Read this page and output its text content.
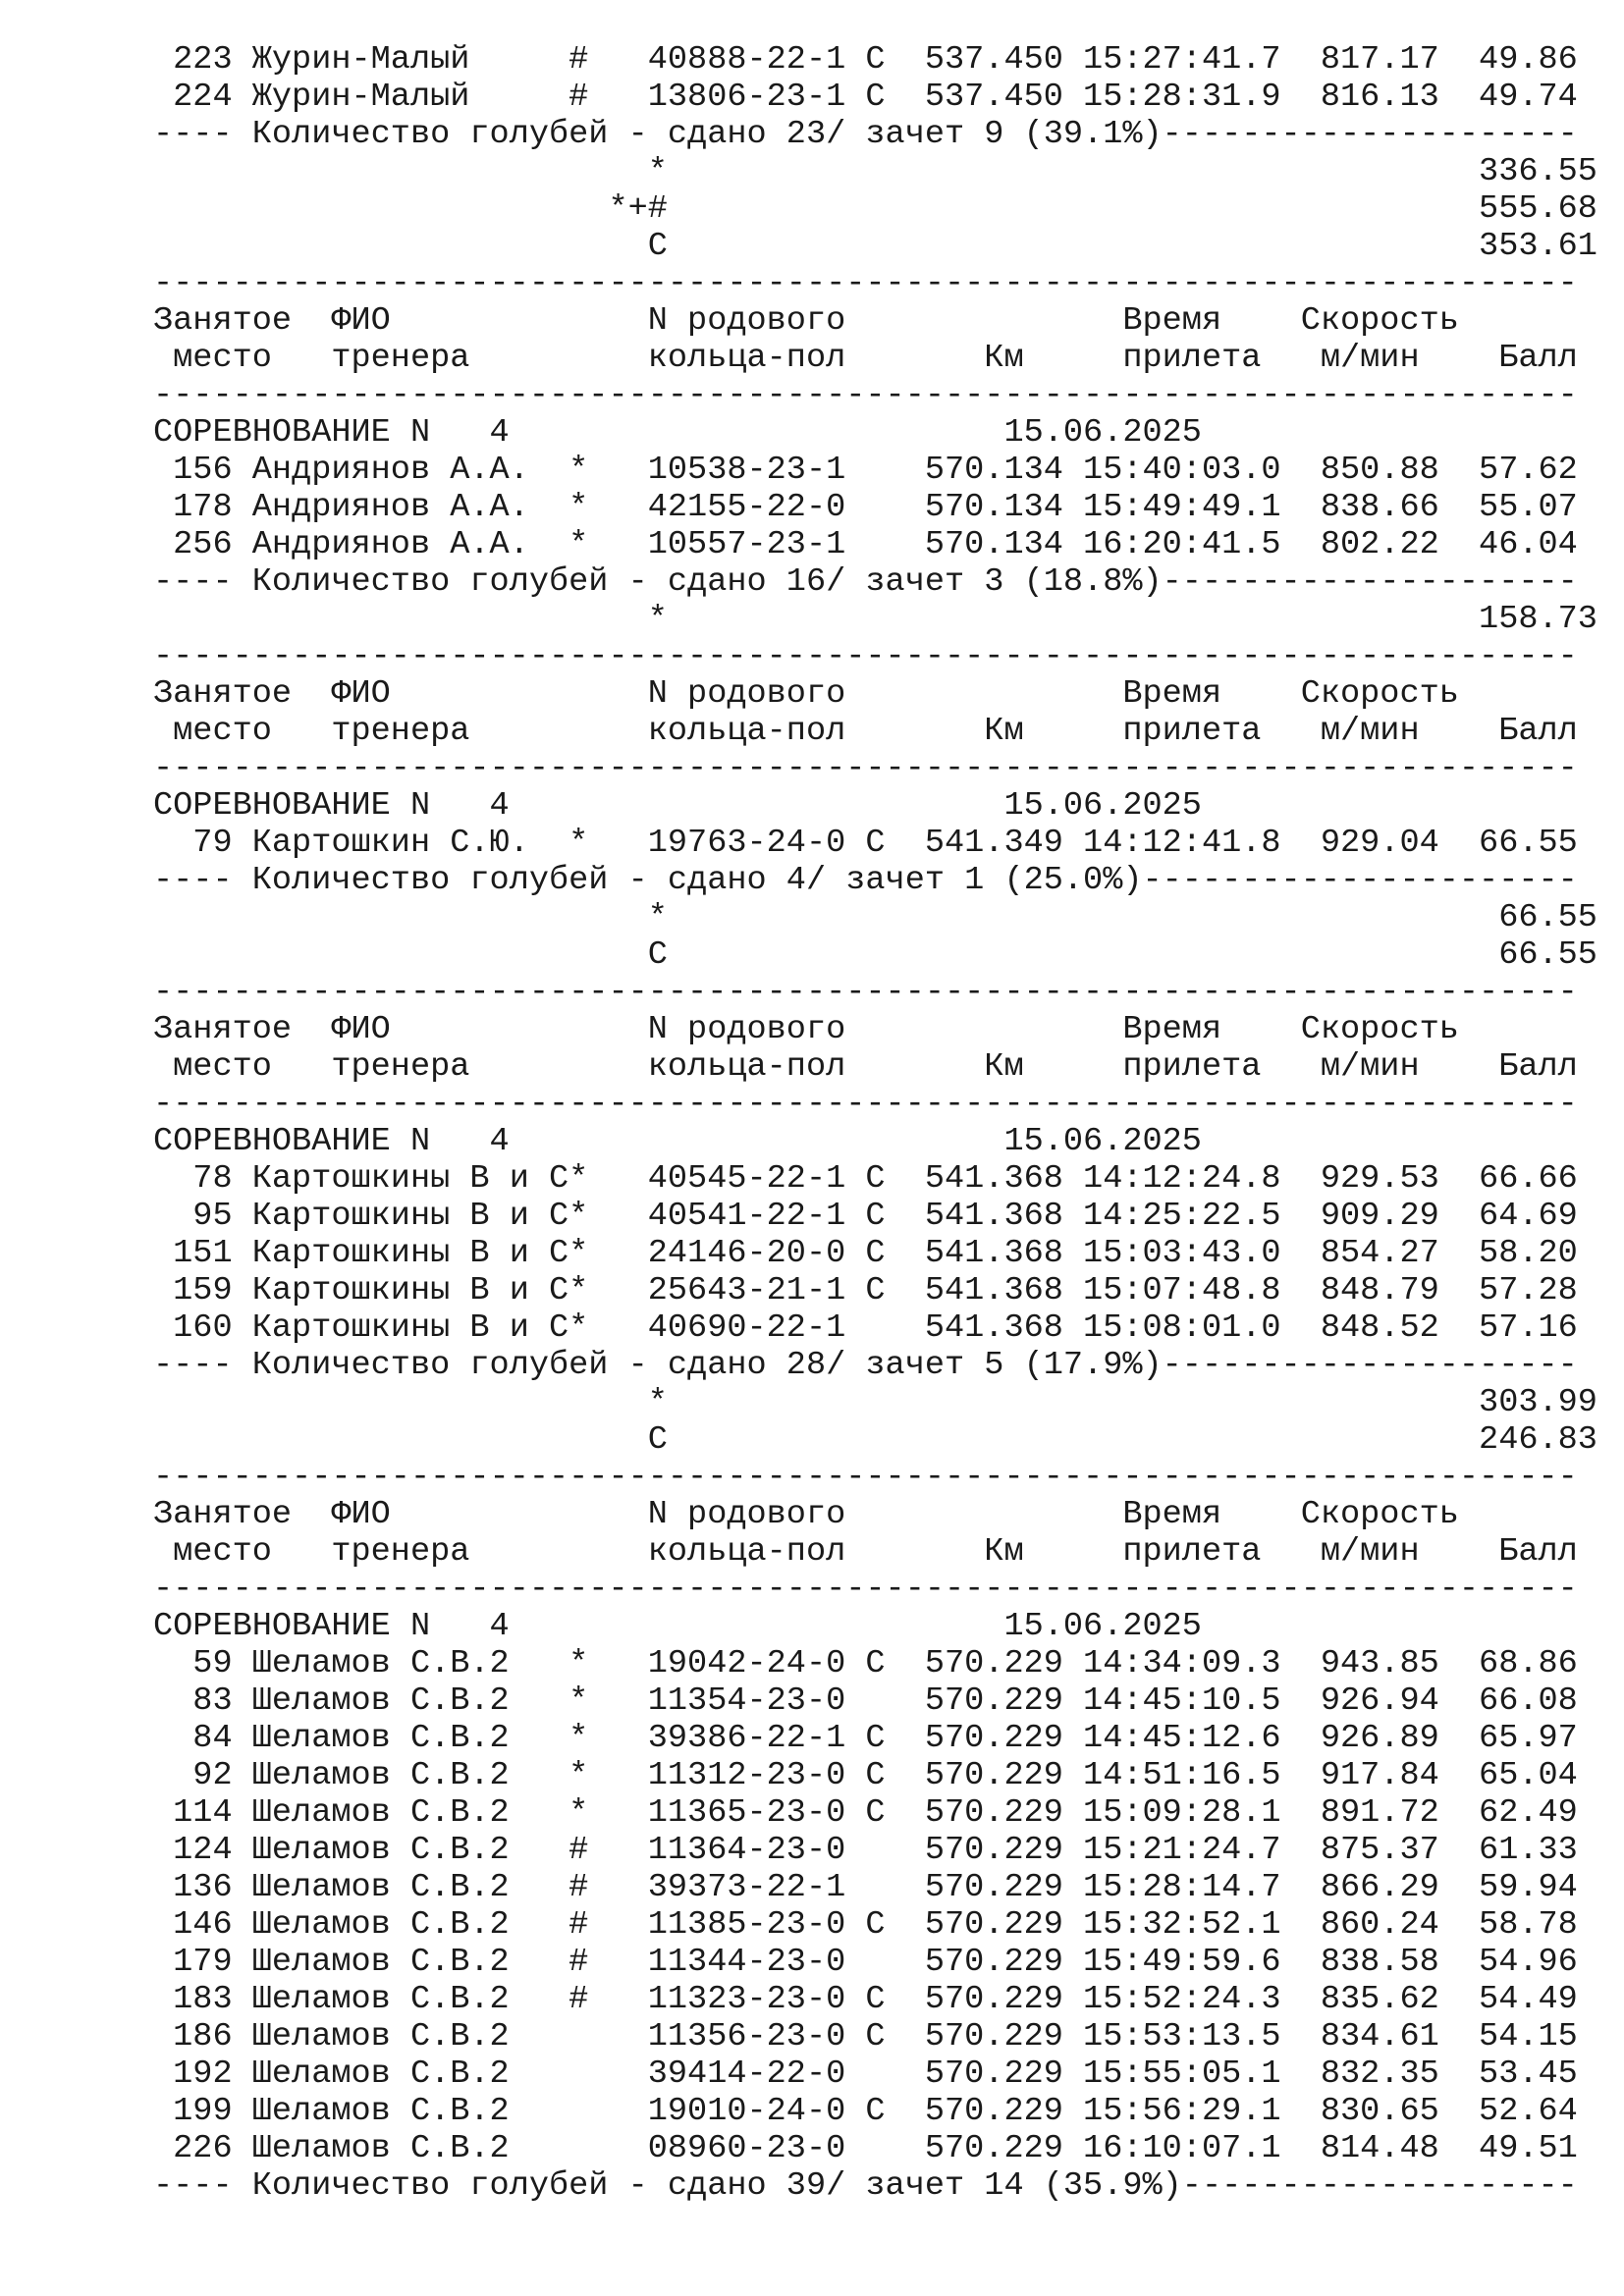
223 Журин-Малый     #   40888-22-1 C  537.450 15:27:41.7  817.17  49.86
224 Журин-Малый     #   13806-23-1 C  537.450 15:28:31.9  816.13  49.74
---- Количество голубей - сдано 23/ зачет 9 (39.1%)---------------------
*                                         336.55
*+#                                         555.68
C                                         353.61
------------------------------------------------------------------------
Занятое  ФИО             N родового              Время    Скорость
место   тренера         кольца-пол       Км     прилета   м/мин    Балл
------------------------------------------------------------------------
СОРЕВНОВАНИЕ N   4                         15.06.2025
156 Андриянов А.А.  *   10538-23-1    570.134 15:40:03.0  850.88  57.62
178 Андриянов А.А.  *   42155-22-0    570.134 15:49:49.1  838.66  55.07
256 Андриянов А.А.  *   10557-23-1    570.134 16:20:41.5  802.22  46.04
---- Количество голубей - сдано 16/ зачет 3 (18.8%)---------------------
*                                         158.73
------------------------------------------------------------------------
Занятое  ФИО             N родового              Время    Скорость
место   тренера         кольца-пол       Км     прилета   м/мин    Балл
------------------------------------------------------------------------
СОРЕВНОВАНИЕ N   4                         15.06.2025
79 Картошкин С.Ю.  *   19763-24-0 C  541.349 14:12:41.8  929.04  66.55
---- Количество голубей - сдано 4/ зачет 1 (25.0%)----------------------
*                                          66.55
C                                          66.55
------------------------------------------------------------------------
Занятое  ФИО             N родового              Время    Скорость
место   тренера         кольца-пол       Км     прилета   м/мин    Балл
------------------------------------------------------------------------
СОРЕВНОВАНИЕ N   4                         15.06.2025
78 Картошкины В и С*   40545-22-1 C  541.368 14:12:24.8  929.53  66.66
95 Картошкины В и С*   40541-22-1 C  541.368 14:25:22.5  909.29  64.69
151 Картошкины В и С*   24146-20-0 C  541.368 15:03:43.0  854.27  58.20
159 Картошкины В и С*   25643-21-1 C  541.368 15:07:48.8  848.79  57.28
160 Картошкины В и С*   40690-22-1    541.368 15:08:01.0  848.52  57.16
---- Количество голубей - сдано 28/ зачет 5 (17.9%)---------------------
*                                         303.99
C                                         246.83
------------------------------------------------------------------------
Занятое  ФИО             N родового              Время    Скорость
место   тренера         кольца-пол       Км     прилета   м/мин    Балл
------------------------------------------------------------------------
СОРЕВНОВАНИЕ N   4                         15.06.2025
59 Шеламов С.В.2   *   19042-24-0 C  570.229 14:34:09.3  943.85  68.86
83 Шеламов С.В.2   *   11354-23-0    570.229 14:45:10.5  926.94  66.08
84 Шеламов С.В.2   *   39386-22-1 C  570.229 14:45:12.6  926.89  65.97
92 Шеламов С.В.2   *   11312-23-0 C  570.229 14:51:16.5  917.84  65.04
114 Шеламов С.В.2   *   11365-23-0 C  570.229 15:09:28.1  891.72  62.49
124 Шеламов С.В.2   #   11364-23-0    570.229 15:21:24.7  875.37  61.33
136 Шеламов С.В.2   #   39373-22-1    570.229 15:28:14.7  866.29  59.94
146 Шеламов С.В.2   #   11385-23-0 C  570.229 15:32:52.1  860.24  58.78
179 Шеламов С.В.2   #   11344-23-0    570.229 15:49:59.6  838.58  54.96
183 Шеламов С.В.2   #   11323-23-0 C  570.229 15:52:24.3  835.62  54.49
186 Шеламов С.В.2       11356-23-0 C  570.229 15:53:13.5  834.61  54.15
192 Шеламов С.В.2       39414-22-0    570.229 15:55:05.1  832.35  53.45
199 Шеламов С.В.2       19010-24-0 C  570.229 15:56:29.1  830.65  52.64
226 Шеламов С.В.2       08960-23-0    570.229 16:10:07.1  814.48  49.51
---- Количество голубей - сдано 39/ зачет 14 (35.9%)--------------------
